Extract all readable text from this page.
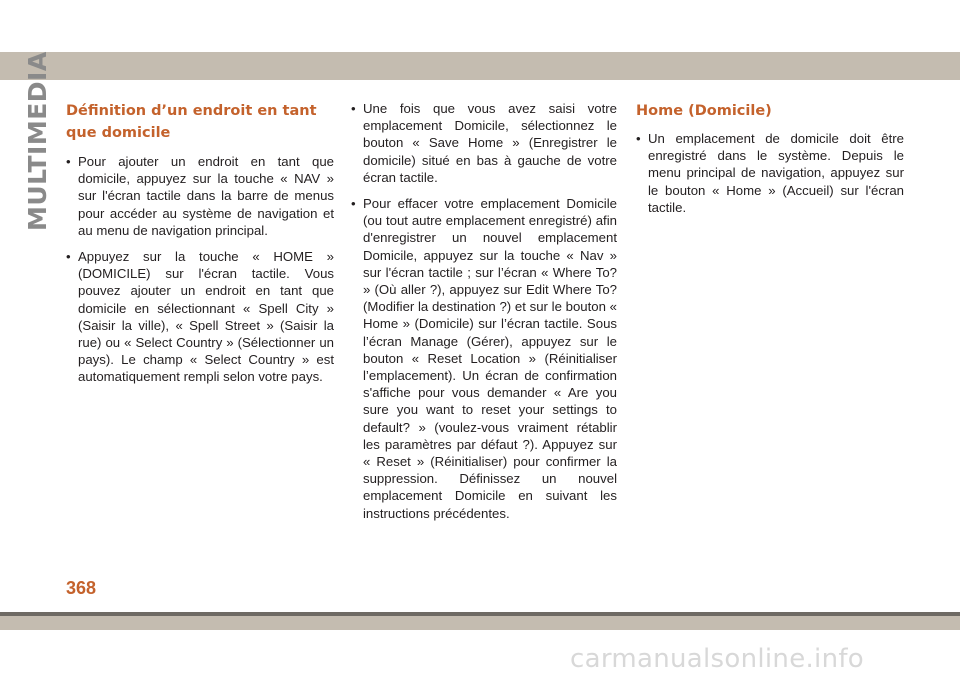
MULTIMEDIA Définition d’un endroit en tant que domicile
• Pour ajouter un endroit en tant que domicile, appuyez sur la touche « NAV » sur l'écran tactile dans la barre de menus pour accéder au système de navigation et au menu de navigation principal.
• Appuyez sur la touche « HOME » (DOMICILE) sur l'écran tactile. Vous pouvez ajouter un endroit en tant que domicile en sélectionnant « Spell City » (Saisir la ville), « Spell Street » (Saisir la rue) ou « Select Country » (Sélectionner un pays). Le champ « Select Country » est automatiquement rempli selon votre pays.
• Une fois que vous avez saisi votre emplacement Domicile, sélectionnez le bouton « Save Home » (Enregistrer le domicile) situé en bas à gauche de votre écran tactile.
• Pour effacer votre emplacement Domicile (ou tout autre emplacement enregistré) afin d'enregistrer un nouvel emplacement Domicile, appuyez sur la touche « Nav » sur l'écran tactile ; sur l’écran « Where To? » (Où aller ?), appuyez sur Edit Where To? (Modifier la destination ?) et sur le bouton « Home » (Domicile) sur l’écran tactile. Sous l’écran Manage (Gérer), appuyez sur le bouton « Reset Location » (Réinitialiser l’emplacement). Un écran de confirmation s'affiche pour vous demander « Are you sure you want to reset your settings to default? » (voulez-vous vraiment rétablir les paramètres par défaut ?). Appuyez sur « Reset » (Réinitialiser) pour confirmer la suppression. Définissez un nouvel emplacement Domicile en suivant les instructions précédentes.
Home (Domicile)
• Un emplacement de domicile doit être enregistré dans le système. Depuis le menu principal de navigation, appuyez sur le bouton « Home » (Accueil) sur l'écran tactile.
368
carmanualsonline.info
